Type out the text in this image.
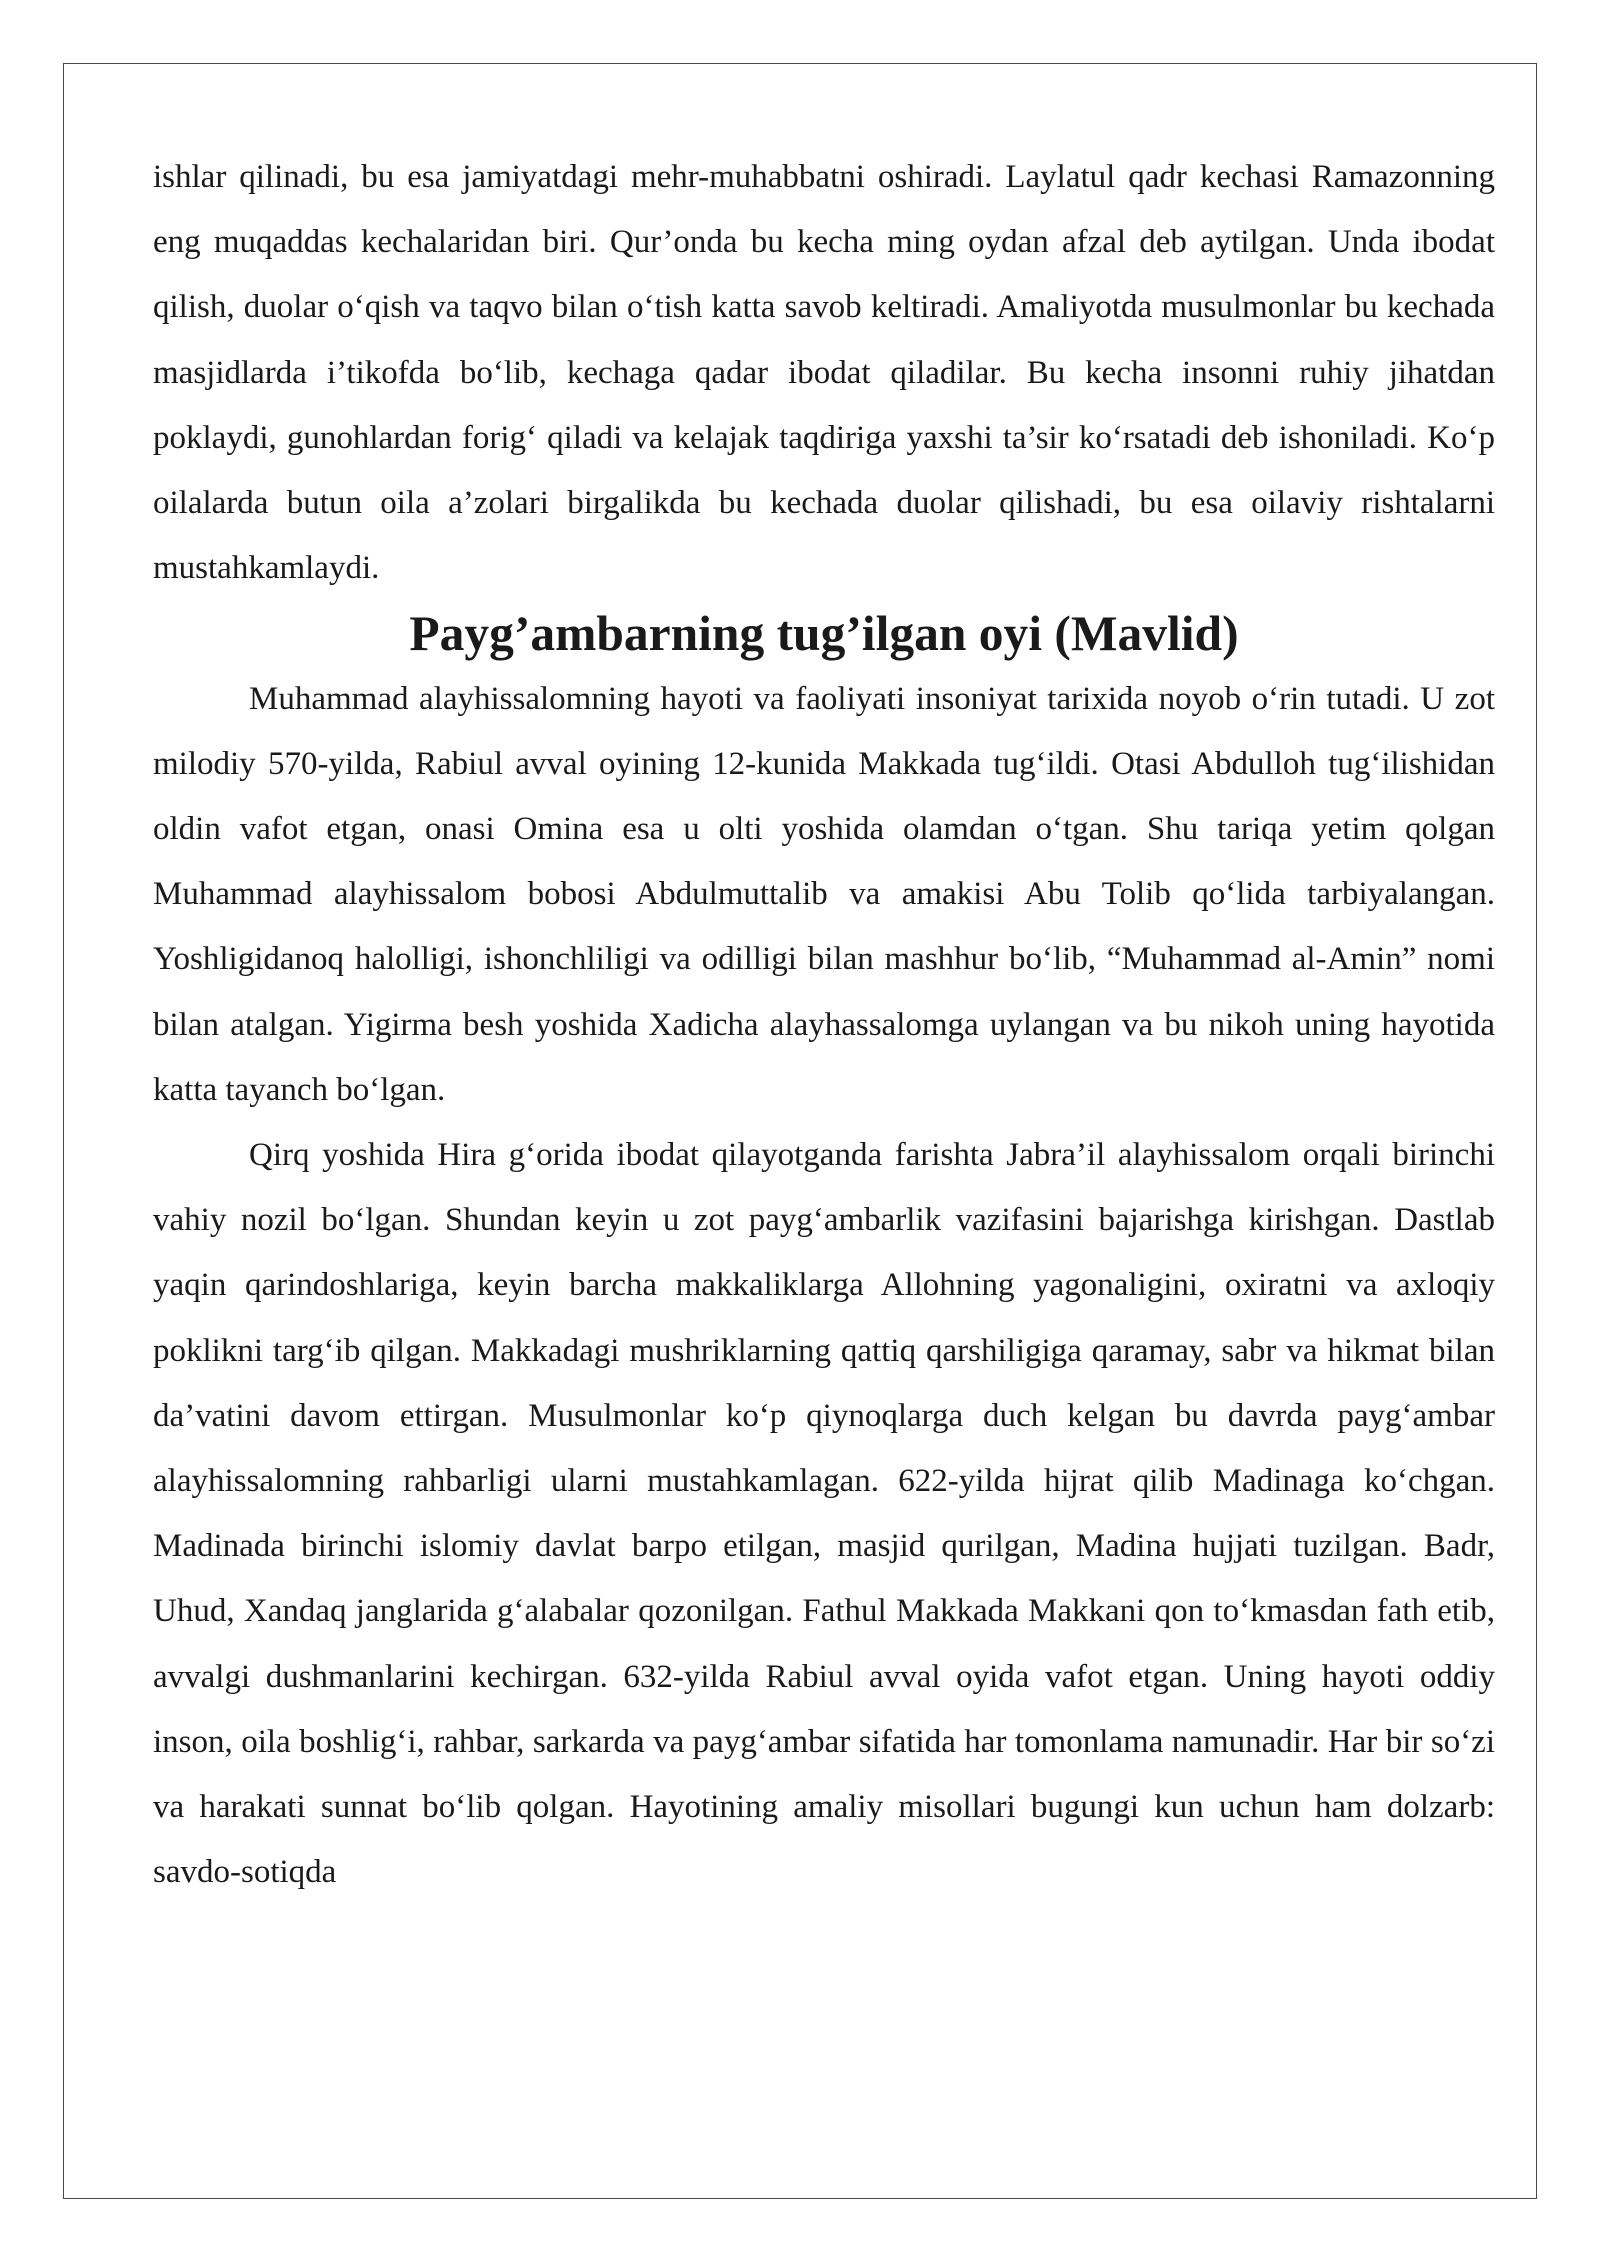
ishlar qilinadi, bu esa jamiyatdagi mehr-muhabbatni oshiradi. Laylatul qadr kechasi Ramazonning eng muqaddas kechalaridan biri. Qur’onda bu kecha ming oydan afzal deb aytilgan. Unda ibodat qilish, duolar o‘qish va taqvo bilan o‘tish katta savob keltiradi. Amaliyotda musulmonlar bu kechada masjidlarda i’tikofda bo‘lib, kechaga qadar ibodat qiladilar. Bu kecha insonni ruhiy jihatdan poklaydi, gunohlardan forig‘ qiladi va kelajak taqdiriga yaxshi ta’sir ko‘rsatadi deb ishoniladi. Ko‘p oilalarda butun oila a’zolari birgalikda bu kechada duolar qilishadi, bu esa oilaviy rishtalarni mustahkamlaydi.

Payg’ambarning tug’ilgan oyi (Mavlid)

Muhammad alayhissalomning hayoti va faoliyati insoniyat tarixida noyob o‘rin tutadi. U zot milodiy 570-yilda, Rabiul avval oyining 12-kunida Makkada tug‘ildi. Otasi Abdulloh tug‘ilishidan oldin vafot etgan, onasi Omina esa u olti yoshida olamdan o‘tgan. Shu tariqa yetim qolgan Muhammad alayhissalom bobosi Abdulmuttalib va amakisi Abu Tolib qo‘lida tarbiyalangan. Yoshligidanoq halolligi, ishonchliligi va odilligi bilan mashhur bo‘lib, “Muhammad al-Amin” nomi bilan atalgan. Yigirma besh yoshida Xadicha alayhassalomga uylangan va bu nikoh uning hayotida katta tayanch bo‘lgan.

Qirq yoshida Hira g‘orida ibodat qilayotganda farishta Jabra’il alayhissalom orqali birinchi vahiy nozil bo‘lgan. Shundan keyin u zot payg‘ambarlik vazifasini bajarishga kirishgan. Dastlab yaqin qarindoshlariga, keyin barcha makkaliklarga Allohning yagonaligini, oxiratni va axloqiy poklikni targ‘ib qilgan. Makkadagi mushriklarning qattiq qarshiligiga qaramay, sabr va hikmat bilan da’vatini davom ettirgan. Musulmonlar ko‘p qiynoqlarga duch kelgan bu davrda payg‘ambar alayhissalomning rahbarligi ularni mustahkamlagan. 622-yilda hijrat qilib Madinaga ko‘chgan. Madinada birinchi islomiy davlat barpo etilgan, masjid qurilgan, Madina hujjati tuzilgan. Badr, Uhud, Xandaq janglarida g‘alabalar qozonilgan. Fathul Makkada Makkani qon to‘kmasdan fath etib, avvalgi dushmanlarini kechirgan. 632-yilda Rabiul avval oyida vafot etgan. Uning hayoti oddiy inson, oila boshlig‘i, rahbar, sarkarda va payg‘ambar sifatida har tomonlama namunadir. Har bir so‘zi va harakati sunnat bo‘lib qolgan. Hayotining amaliy misollari bugungi kun uchun ham dolzarb: savdo-sotiqda
